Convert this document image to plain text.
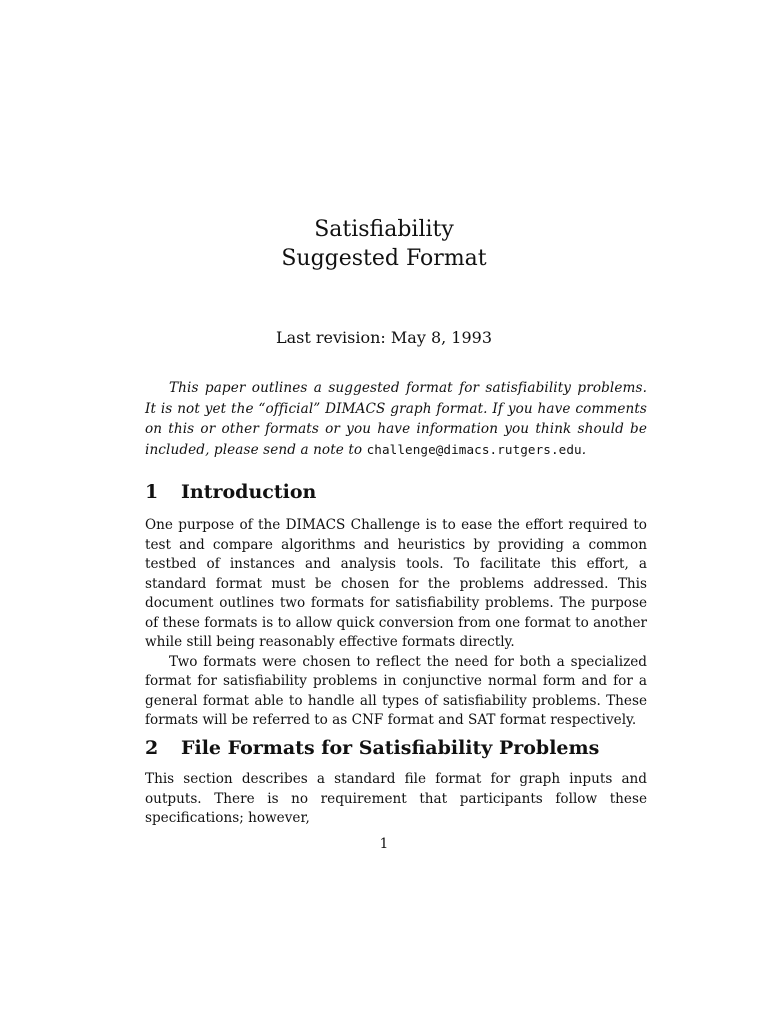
Satisfiability
Suggested Format
Last revision: May 8, 1993
This paper outlines a suggested format for satisfiability problems. It is not yet the “official” DIMACS graph format. If you have comments on this or other formats or you have information you think should be included, please send a note to challenge@dimacs.rutgers.edu.
1 Introduction

One purpose of the DIMACS Challenge is to ease the effort required to test and compare algorithms and heuristics by providing a common testbed of instances and analysis tools. To facilitate this effort, a standard format must be chosen for the problems addressed. This document outlines two formats for satisfiability problems. The purpose of these formats is to allow quick conversion from one format to another while still being reasonably effective formats directly.

Two formats were chosen to reflect the need for both a specialized format for satisfiability problems in conjunctive normal form and for a general format able to handle all types of satisfiability problems. These formats will be referred to as CNF format and SAT format respectively.

2 File Formats for Satisfiability Problems

This section describes a standard file format for graph inputs and outputs. There is no requirement that participants follow these specifications; however,

1
